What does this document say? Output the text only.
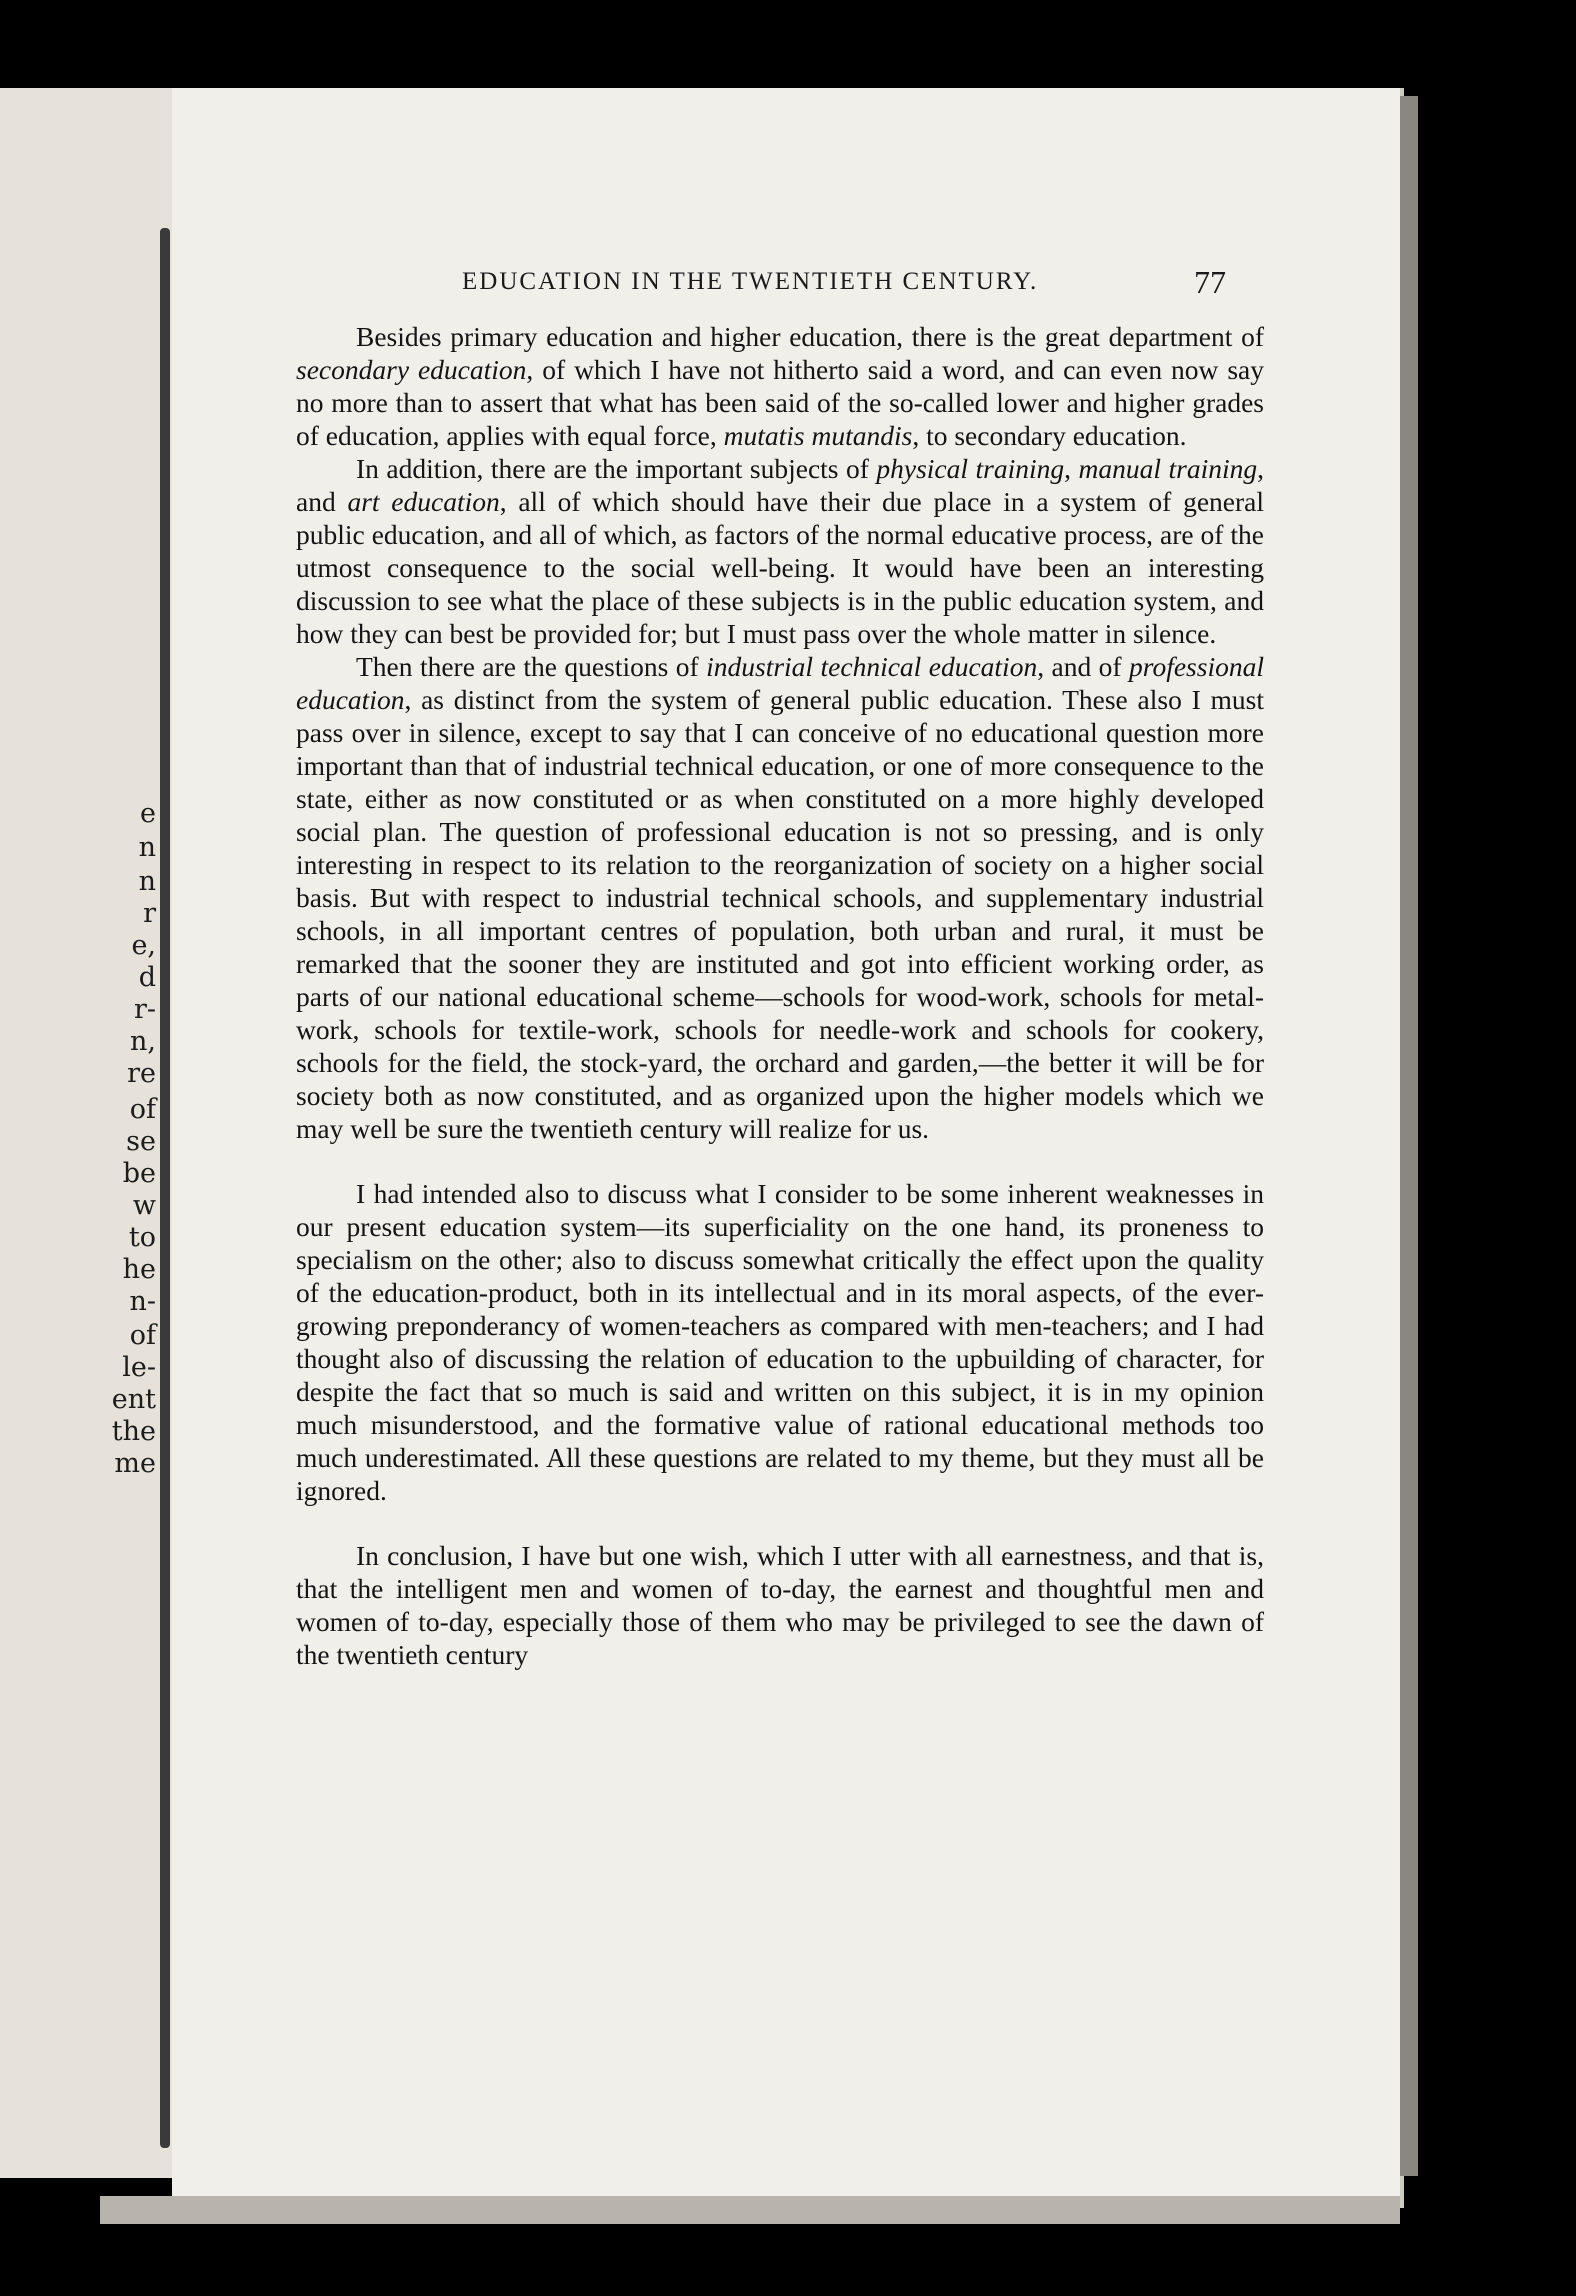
e
n
n
r
e,
d
r-
n,
re
of
se
be
w
to
he
n-
of
le-
ent
the
me
EDUCATION IN THE TWENTIETH CENTURY.	77

Besides primary education and higher education, there is the great department of secondary education, of which I have not hitherto said a word, and can even now say no more than to assert that what has been said of the so-called lower and higher grades of education, applies with equal force, mutatis mutandis, to secondary education.

In addition, there are the important subjects of physical training, manual training, and art education, all of which should have their due place in a system of general public education, and all of which, as factors of the normal educative process, are of the utmost consequence to the social well-being. It would have been an interesting discussion to see what the place of these subjects is in the public education system, and how they can best be provided for; but I must pass over the whole matter in silence.

Then there are the questions of industrial technical education, and of professional education, as distinct from the system of general public education. These also I must pass over in silence, except to say that I can conceive of no educational question more important than that of industrial technical education, or one of more consequence to the state, either as now constituted or as when constituted on a more highly developed social plan. The question of professional education is not so pressing, and is only interesting in respect to its relation to the reorganization of society on a higher social basis. But with respect to industrial technical schools, and supplementary industrial schools, in all important centres of population, both urban and rural, it must be remarked that the sooner they are instituted and got into efficient working order, as parts of our national educational scheme—schools for wood-work, schools for metal-work, schools for textile-work, schools for needle-work and schools for cookery, schools for the field, the stock-yard, the orchard and garden,—the better it will be for society both as now constituted, and as organized upon the higher models which we may well be sure the twentieth century will realize for us.

I had intended also to discuss what I consider to be some inherent weaknesses in our present education system—its superficiality on the one hand, its proneness to specialism on the other; also to discuss somewhat critically the effect upon the quality of the education-product, both in its intellectual and in its moral aspects, of the ever-growing preponderancy of women-teachers as compared with men-teachers; and I had thought also of discussing the relation of education to the upbuilding of character, for despite the fact that so much is said and written on this subject, it is in my opinion much misunderstood, and the formative value of rational educational methods too much underestimated. All these questions are related to my theme, but they must all be ignored.

In conclusion, I have but one wish, which I utter with all earnestness, and that is, that the intelligent men and women of to-day, the earnest and thoughtful men and women of to-day, especially those of them who may be privileged to see the dawn of the twentieth century
